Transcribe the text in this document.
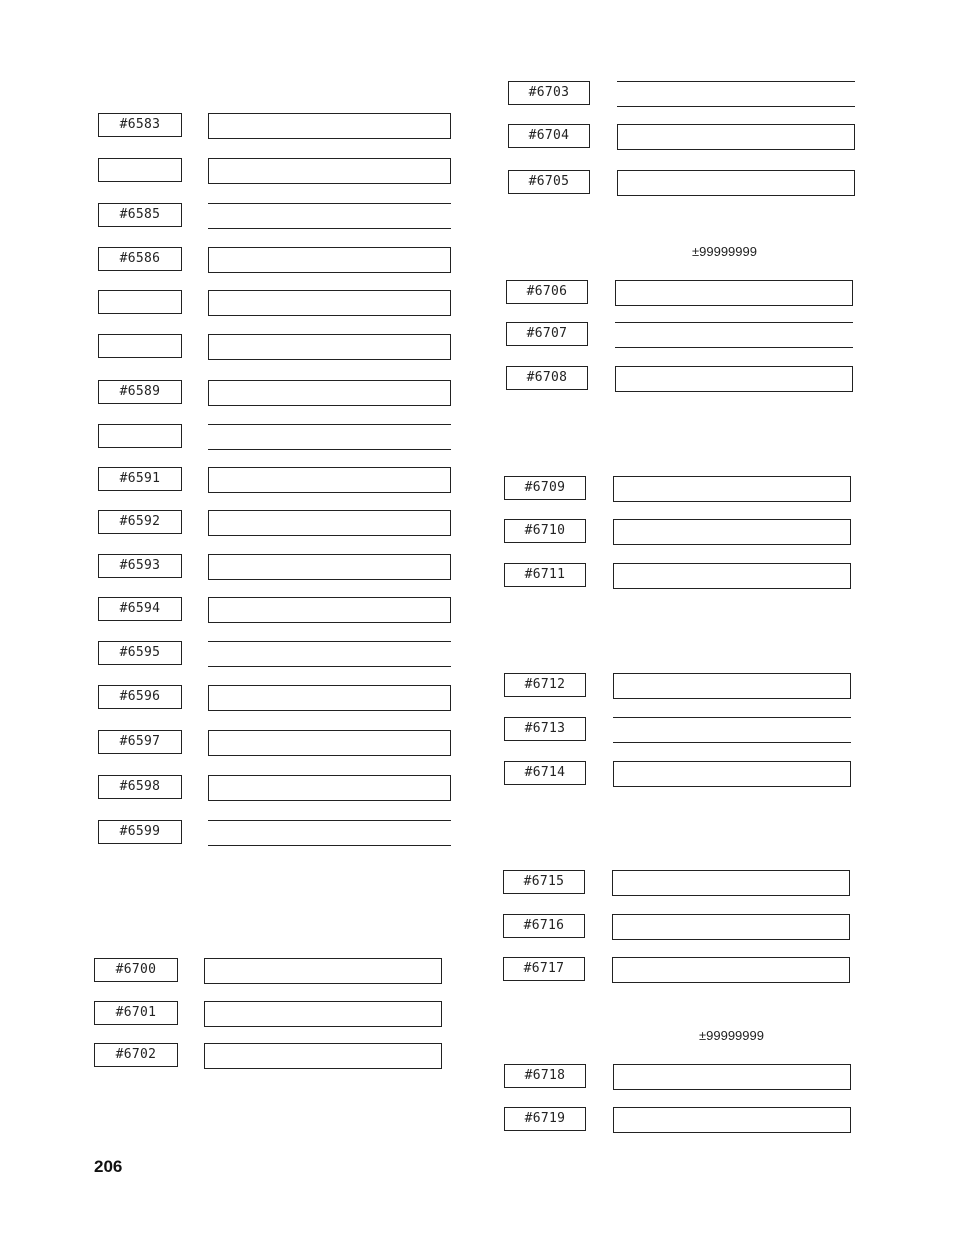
#6583
#6585
#6586
#6589
#6591
#6592
#6593
#6594
#6595
#6596
#6597
#6598
#6599
#6700
#6701
#6702
#6703
#6704
#6705
#6706
#6707
#6708
#6709
#6710
#6711
#6712
#6713
#6714
#6715
#6716
#6717
#6718
#6719
±99999999
±99999999
206
